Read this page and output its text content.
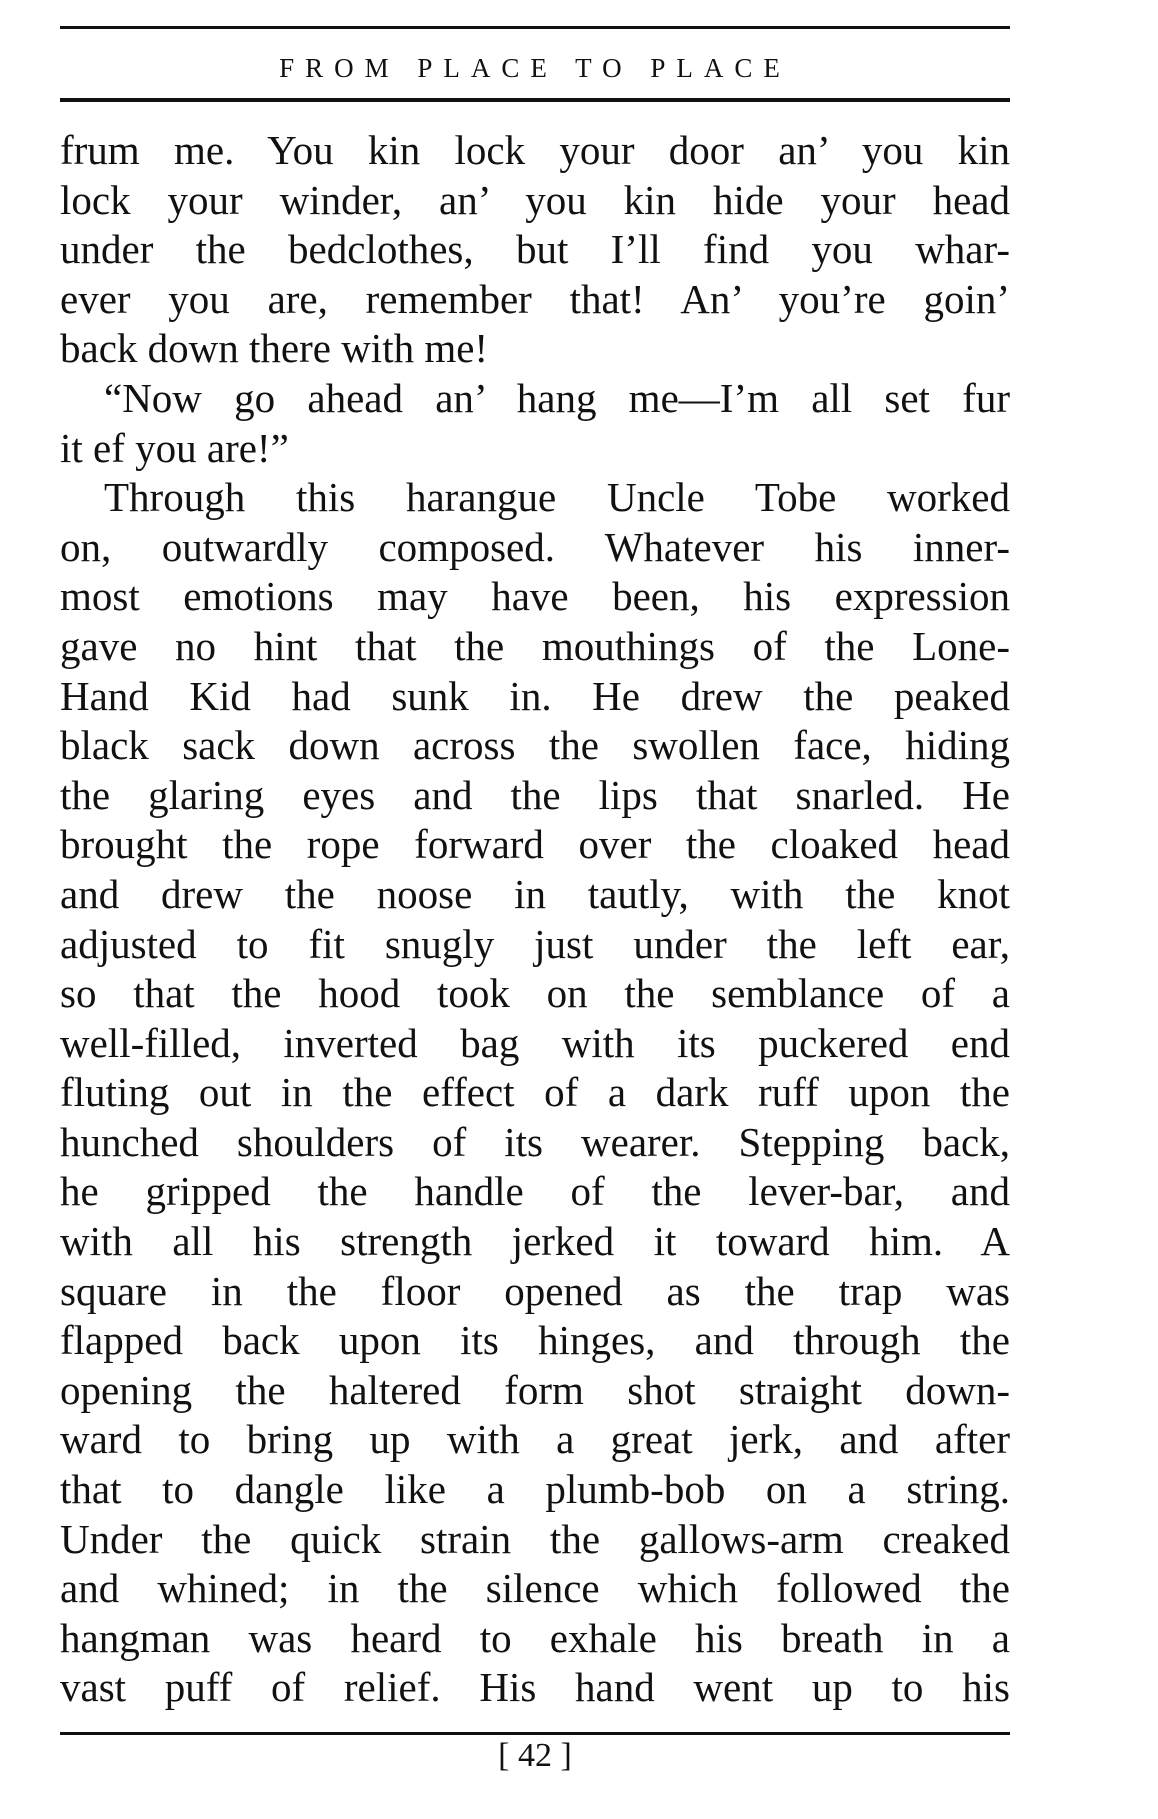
FROM PLACE TO PLACE
frum me. You kin lock your door an’ you kin
lock your winder, an’ you kin hide your head
under the bedclothes, but I’ll find you whar-
ever you are, remember that! An’ you’re goin’
back down there with me!
“Now go ahead an’ hang me—I’m all set fur
it ef you are!”
Through this harangue Uncle Tobe worked
on, outwardly composed. Whatever his inner-
most emotions may have been, his expression
gave no hint that the mouthings of the Lone-
Hand Kid had sunk in. He drew the peaked
black sack down across the swollen face, hiding
the glaring eyes and the lips that snarled. He
brought the rope forward over the cloaked head
and drew the noose in tautly, with the knot
adjusted to fit snugly just under the left ear,
so that the hood took on the semblance of a
well-filled, inverted bag with its puckered end
fluting out in the effect of a dark ruff upon the
hunched shoulders of its wearer. Stepping back,
he gripped the handle of the lever-bar, and
with all his strength jerked it toward him. A
square in the floor opened as the trap was
flapped back upon its hinges, and through the
opening the haltered form shot straight down-
ward to bring up with a great jerk, and after
that to dangle like a plumb-bob on a string.
Under the quick strain the gallows-arm creaked
and whined; in the silence which followed the
hangman was heard to exhale his breath in a
vast puff of relief. His hand went up to his
[ 42 ]
